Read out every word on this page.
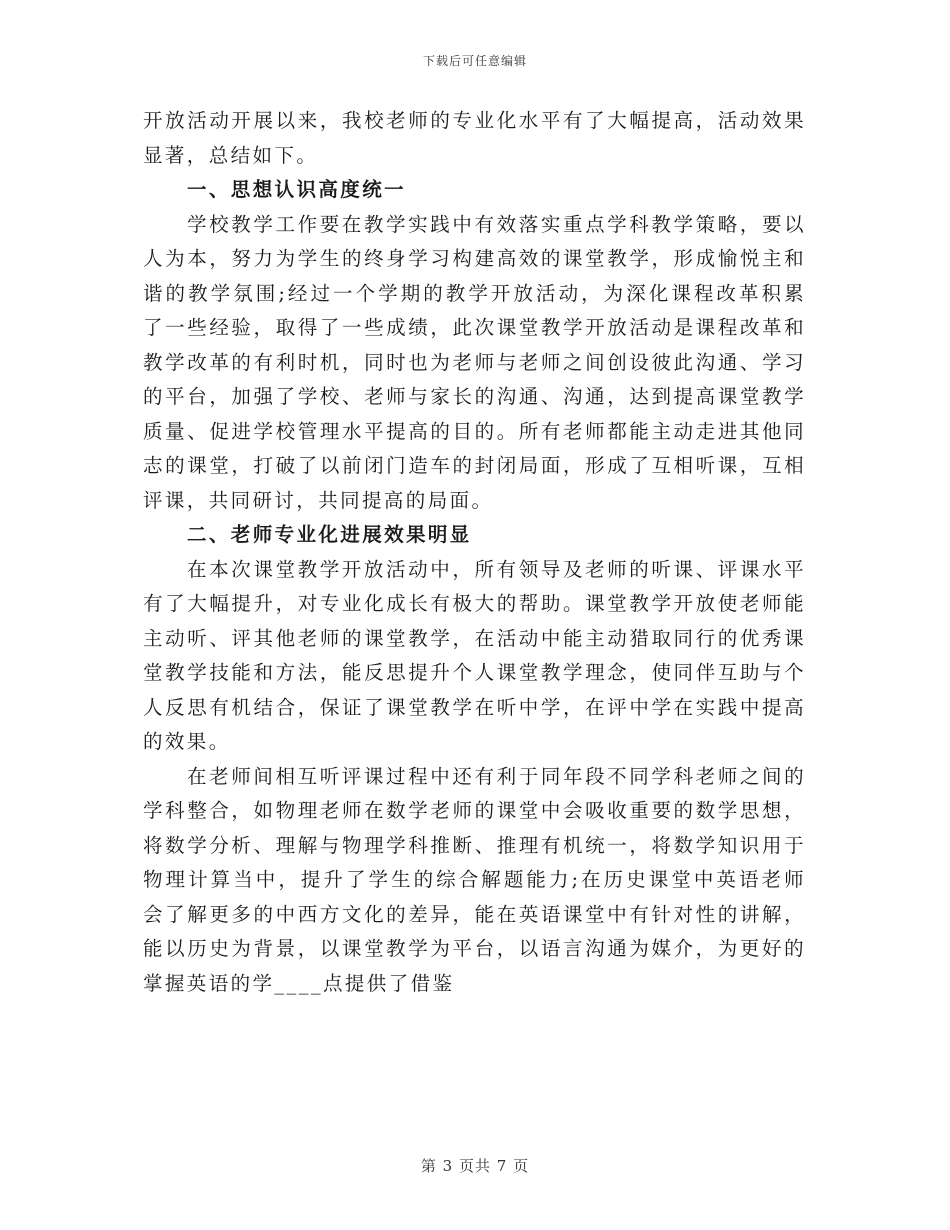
下载后可任意编辑

开放活动开展以来，我校老师的专业化水平有了大幅提高，活动效果显著，总结如下。

一、思想认识高度统一

学校教学工作要在教学实践中有效落实重点学科教学策略，要以人为本，努力为学生的终身学习构建高效的课堂教学，形成愉悦主和谐的教学氛围;经过一个学期的教学开放活动，为深化课程改革积累了一些经验，取得了一些成绩，此次课堂教学开放活动是课程改革和教学改革的有利时机，同时也为老师与老师之间创设彼此沟通、学习的平台，加强了学校、老师与家长的沟通、沟通，达到提高课堂教学质量、促进学校管理水平提高的目的。所有老师都能主动走进其他同志的课堂，打破了以前闭门造车的封闭局面，形成了互相听课，互相评课，共同研讨，共同提高的局面。

二、老师专业化进展效果明显

在本次课堂教学开放活动中，所有领导及老师的听课、评课水平有了大幅提升，对专业化成长有极大的帮助。课堂教学开放使老师能主动听、评其他老师的课堂教学，在活动中能主动猎取同行的优秀课堂教学技能和方法，能反思提升个人课堂教学理念，使同伴互助与个人反思有机结合，保证了课堂教学在听中学，在评中学在实践中提高的效果。

在老师间相互听评课过程中还有利于同年段不同学科老师之间的学科整合，如物理老师在数学老师的课堂中会吸收重要的数学思想，将数学分析、理解与物理学科推断、推理有机统一，将数学知识用于物理计算当中，提升了学生的综合解题能力;在历史课堂中英语老师会了解更多的中西方文化的差异，能在英语课堂中有针对性的讲解，能以历史为背景，以课堂教学为平台，以语言沟通为媒介，为更好的掌握英语的学____点提供了借鉴

第 3 页共 7 页
